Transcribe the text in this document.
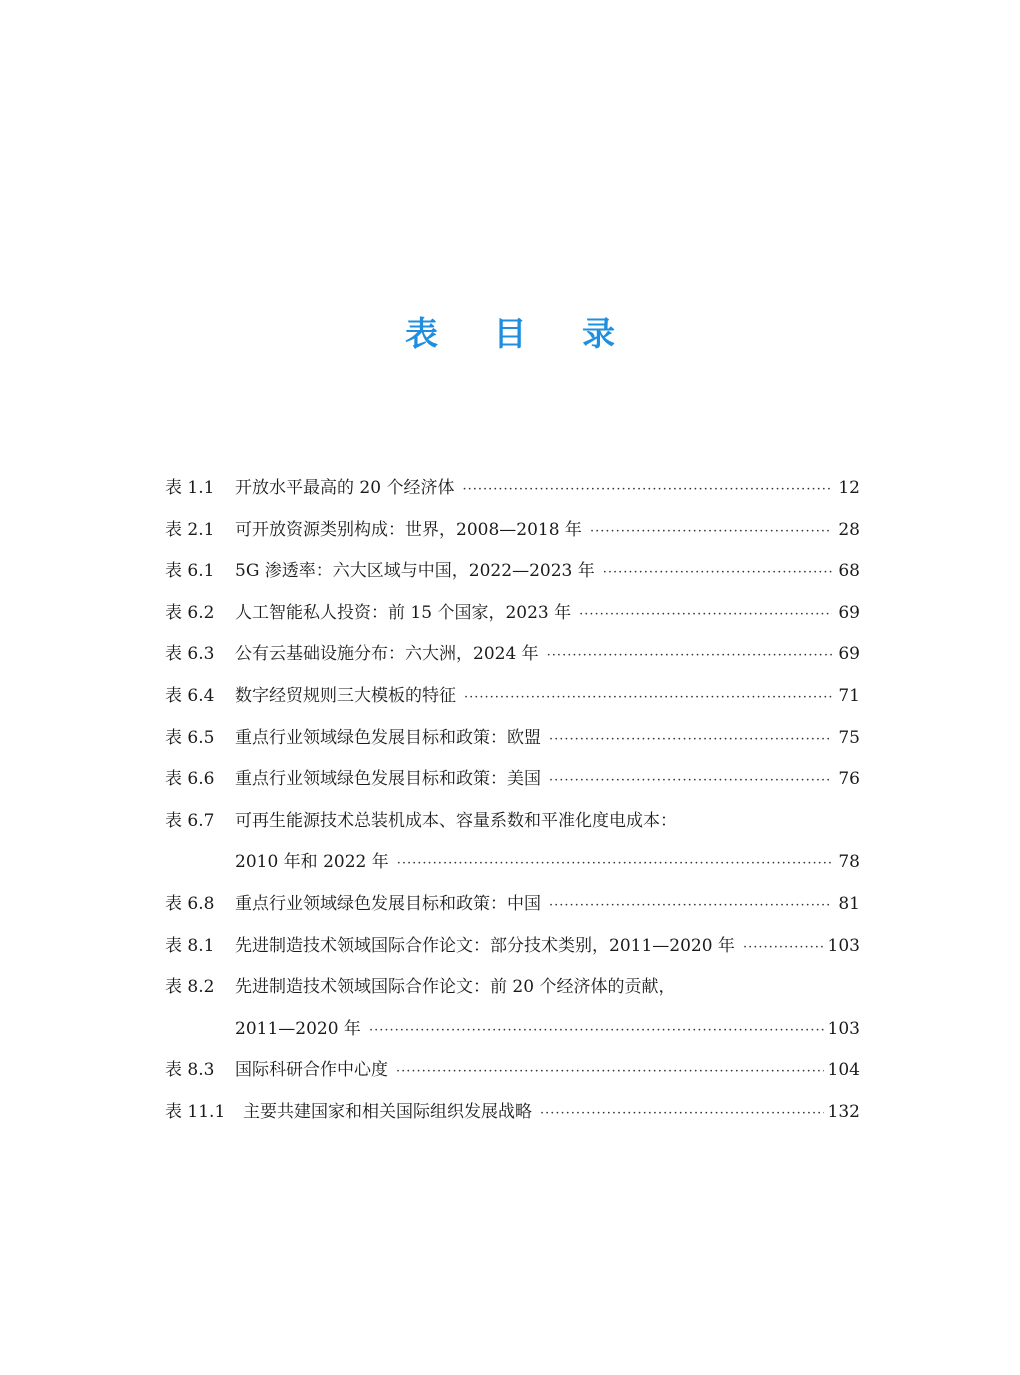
表 目 录
表 1.1	开放水平最高的 20 个经济体 ·····	12
表 2.1	可开放资源类别构成：世界，2008—2018 年 ·····	28
表 6.1	5G 渗透率：六大区域与中国，2022—2023 年 ·····	68
表 6.2	人工智能私人投资：前 15 个国家，2023 年 ·····	69
表 6.3	公有云基础设施分布：六大洲，2024 年 ·····	69
表 6.4	数字经贸规则三大模板的特征 ·····	71
表 6.5	重点行业领域绿色发展目标和政策：欧盟 ·····	75
表 6.6	重点行业领域绿色发展目标和政策：美国 ·····	76
表 6.7	可再生能源技术总装机成本、容量系数和平准化度电成本：
2010 年和 2022 年 ·····	78
表 6.8	重点行业领域绿色发展目标和政策：中国 ·····	81
表 8.1	先进制造技术领域国际合作论文：部分技术类别，2011—2020 年 ·····	103
表 8.2	先进制造技术领域国际合作论文：前 20 个经济体的贡献，
2011—2020 年 ·····	103
表 8.3	国际科研合作中心度 ·····	104
表 11.1	主要共建国家和相关国际组织发展战略 ·····	132
